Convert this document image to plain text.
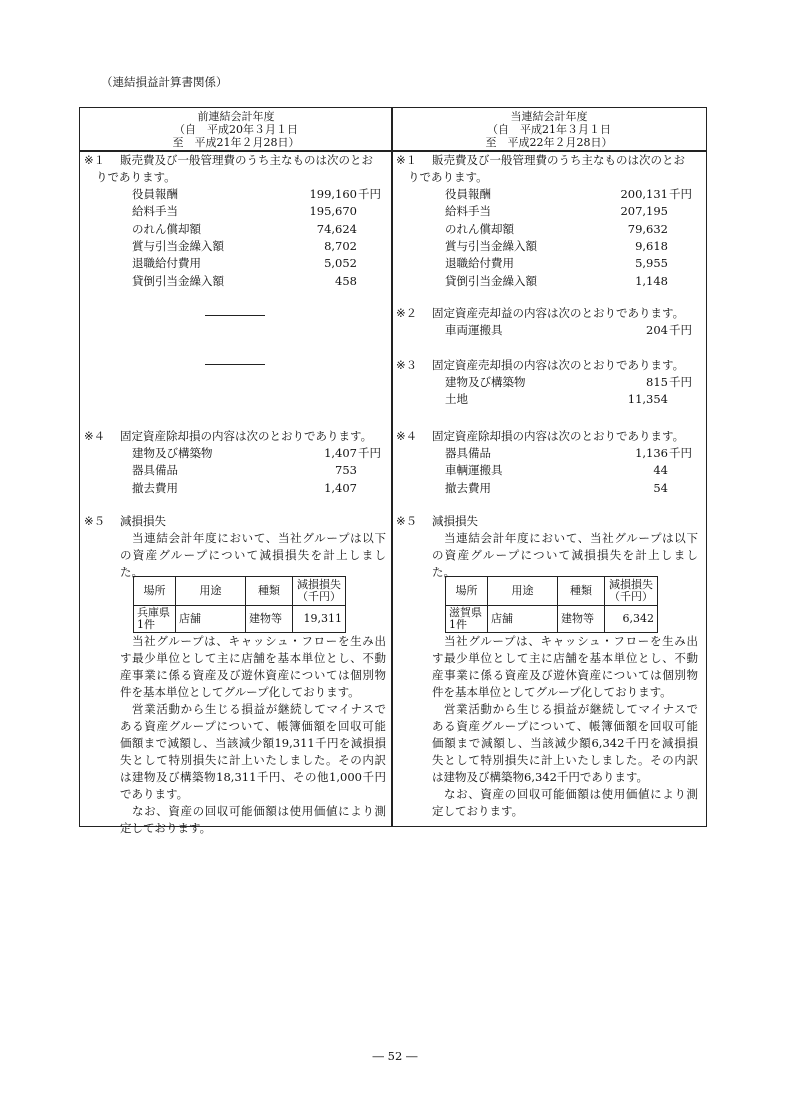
（連結損益計算書関係）
前連結会計年度
（自　平成20年３月１日
至　平成21年２月28日）
※１ 販売費及び一般管理費のうち主なものは次のとお
りであります。
役員報酬	199,160 千円
給料手当	195,670
のれん償却額	74,624
賞与引当金繰入額	8,702
退職給付費用	5,052
貸倒引当金繰入額	458
※４ 固定資産除却損の内容は次のとおりであります。
建物及び構築物	1,407 千円
器具備品	753
撤去費用	1,407
※５ 減損損失
当連結会計年度において、当社グループは以下
の資産グループについて減損損失を計上しまし
た。
場所	用途	種類	減損損失
（千円）

兵庫県
1件	店舗	建物等	19,311
当社グループは、キャッシュ・フローを生み出
す最少単位として主に店舗を基本単位とし、不動
産事業に係る資産及び遊休資産については個別物
件を基本単位としてグループ化しております。
営業活動から生じる損益が継続してマイナスで
ある資産グループについて、帳簿価額を回収可能
価額まで減額し、当該減少額19,311千円を減損損
失として特別損失に計上いたしました。その内訳
は建物及び構築物18,311千円、その他1,000千円
であります。
なお、資産の回収可能価額は使用価値により測
定しております。
当連結会計年度
（自　平成21年３月１日
至　平成22年２月28日）
※１ 販売費及び一般管理費のうち主なものは次のとお
りであります。
役員報酬	200,131 千円
給料手当	207,195
のれん償却額	79,632
賞与引当金繰入額	9,618
退職給付費用	5,955
貸倒引当金繰入額	1,148
※２ 固定資産売却益の内容は次のとおりであります。
車両運搬具	204 千円
※３ 固定資産売却損の内容は次のとおりであります。
建物及び構築物	815 千円
土地	11,354
※４ 固定資産除却損の内容は次のとおりであります。
器具備品	1,136 千円
車輌運搬具	44
撤去費用	54
※５ 減損損失
当連結会計年度において、当社グループは以下
の資産グループについて減損損失を計上しまし
た。
場所	用途	種類	減損損失
（千円）

滋賀県
1件	店舗	建物等	6,342
当社グループは、キャッシュ・フローを生み出
す最少単位として主に店舗を基本単位とし、不動
産事業に係る資産及び遊休資産については個別物
件を基本単位としてグループ化しております。
営業活動から生じる損益が継続してマイナスで
ある資産グループについて、帳簿価額を回収可能
価額まで減額し、当該減少額6,342千円を減損損
失として特別損失に計上いたしました。その内訳
は建物及び構築物6,342千円であります。
なお、資産の回収可能価額は使用価値により測
定しております。
― 52 ―
